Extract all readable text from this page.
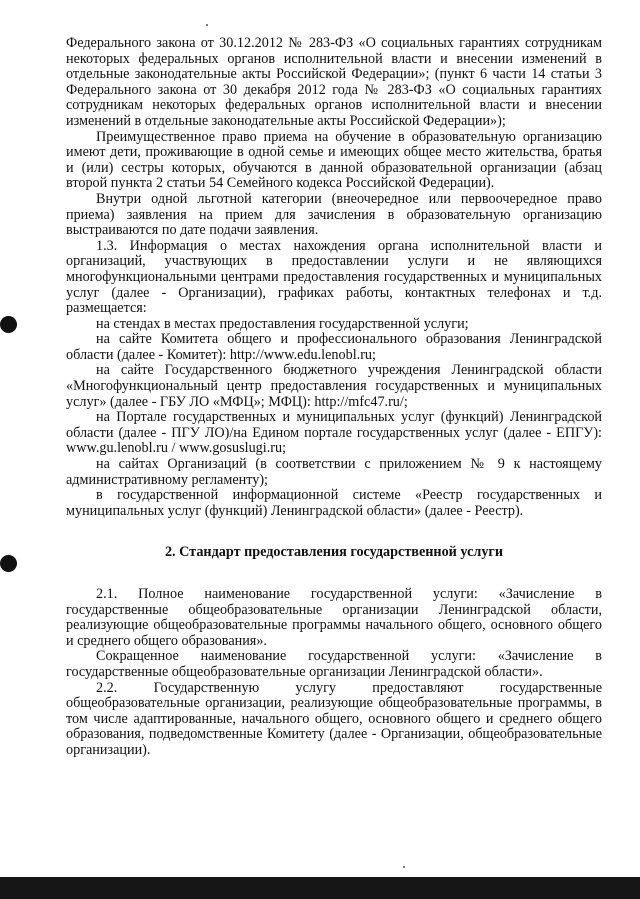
Федерального закона от 30.12.2012 № 283-ФЗ «О социальных гарантиях сотрудникам некоторых федеральных органов исполнительной власти и внесении изменений в отдельные законодательные акты Российской Федерации»; (пункт 6 части 14 статьи 3 Федерального закона от 30 декабря 2012 года № 283-ФЗ «О социальных гарантиях сотрудникам некоторых федеральных органов исполнительной власти и внесении изменений в отдельные законодательные акты Российской Федерации»);

Преимущественное право приема на обучение в образовательную организацию имеют дети, проживающие в одной семье и имеющих общее место жительства, братья и (или) сестры которых, обучаются в данной образовательной организации (абзац второй пункта 2 статьи 54 Семейного кодекса Российской Федерации).

Внутри одной льготной категории (внеочередное или первоочередное право приема) заявления на прием для зачисления в образовательную организацию выстраиваются по дате подачи заявления.

1.3. Информация о местах нахождения органа исполнительной власти и организаций, участвующих в предоставлении услуги и не являющихся многофункциональными центрами предоставления государственных и муниципальных услуг (далее - Организации), графиках работы, контактных телефонах и т.д. размещается:

на стендах в местах предоставления государственной услуги;

на сайте Комитета общего и профессионального образования Ленинградской области (далее - Комитет): http://www.edu.lenobl.ru;

на сайте Государственного бюджетного учреждения Ленинградской области «Многофункциональный центр предоставления государственных и муниципальных услуг» (далее - ГБУ ЛО «МФЦ»; МФЦ): http://mfc47.ru/;

на Портале государственных и муниципальных услуг (функций) Ленинградской области (далее - ПГУ ЛО)/на Едином портале государственных услуг (далее - ЕПГУ): www.gu.lenobl.ru / www.gosuslugi.ru;

на сайтах Организаций (в соответствии с приложением № 9 к настоящему административному регламенту);

в государственной информационной системе «Реестр государственных и муниципальных услуг (функций) Ленинградской области» (далее - Реестр).

2. Стандарт предоставления государственной услуги

2.1. Полное наименование государственной услуги: «Зачисление в государственные общеобразовательные организации Ленинградской области, реализующие общеобразовательные программы начального общего, основного общего и среднего общего образования».

Сокращенное наименование государственной услуги: «Зачисление в государственные общеобразовательные организации Ленинградской области».

2.2. Государственную услугу предоставляют государственные общеобразовательные организации, реализующие общеобразовательные программы, в том числе адаптированные, начального общего, основного общего и среднего общего образования, подведомственные Комитету (далее - Организации, общеобразовательные организации).
